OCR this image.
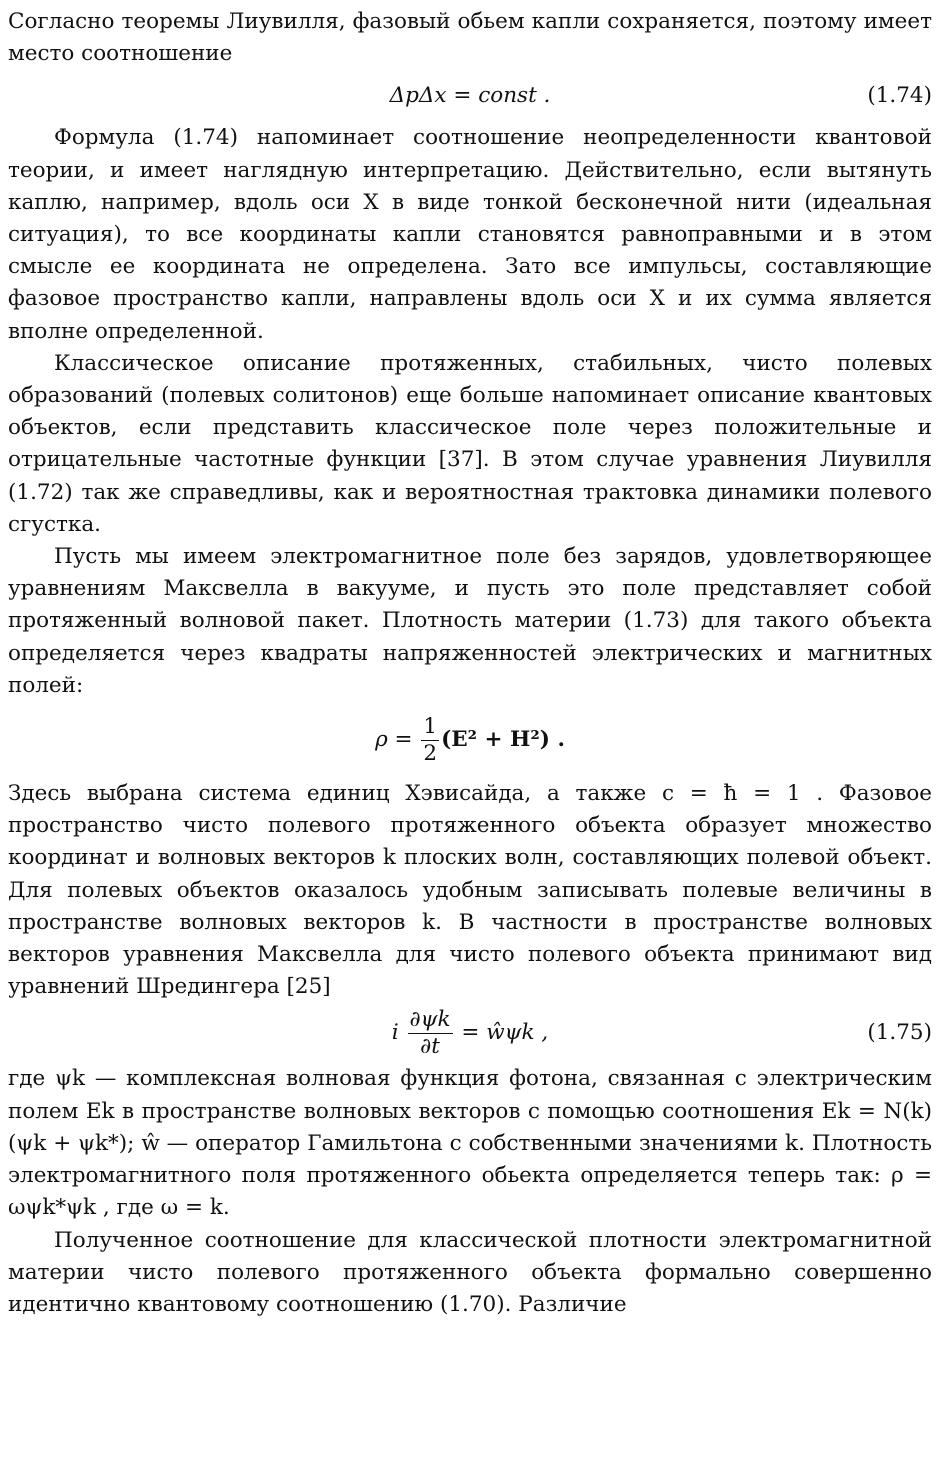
Согласно теоремы Лиувилля, фазовый обьем капли сохраняется, поэтому имеет место соотношение

ΔpΔx = const .	(1.74)

Формула (1.74) напоминает соотношение неопределенности квантовой теории, и имеет наглядную интерпретацию. Действительно, если вытянуть каплю, например, вдоль оси X в виде тонкой бесконечной нити (идеальная ситуация), то все координаты капли становятся равноправными и в этом смысле ее координата не определена. Зато все импульсы, составляющие фазовое пространство капли, направлены вдоль оси X и их сумма является вполне определенной.

Классическое описание протяженных, стабильных, чисто полевых образований (полевых солитонов) еще больше напоминает описание квантовых объектов, если представить классическое поле через положительные и отрицательные частотные функции [37]. В этом случае уравнения Лиувилля (1.72) так же справедливы, как и вероятностная трактовка динамики полевого сгустка.

Пусть мы имеем электромагнитное поле без зарядов, удовлетворяющее уравнениям Максвелла в вакууме, и пусть это поле представляет собой протяженный волновой пакет. Плотность материи (1.73) для такого объекта определяется через квадраты напряженностей электрических и магнитных полей:

$\rho = \frac{1}{2} (E^2 + H^2)$ .

Здесь выбрана система единиц Хэвисайда, а также c = ħ = 1 . Фазовое пространство чисто полевого протяженного объекта образует множество координат и волновых векторов k плоских волн, составляющих полевой объект. Для полевых объектов оказалось удобным записывать полевые величины в пространстве волновых векторов k. В частности в пространстве волновых векторов уравнения Максвелла для чисто полевого объекта принимают вид уравнений Шредингера [25]

i $\frac{\partial\psi k}{\partial t}$ = ŵψk ,	(1.75)

где ψk — комплексная волновая функция фотона, связанная с электрическим полем Ek в пространстве волновых векторов с помощью соотношения Ek = N(k)(ψk + ψk*); ŵ — оператор Гамильтона с собственными значениями k. Плотность электромагнитного поля протяженного обьекта определяется теперь так: ρ = ωψk*ψk , где ω = k.

Полученное соотношение для классической плотности электромагнитной материи чисто полевого протяженного объекта формально совершенно идентично квантовому соотношению (1.70). Различие
